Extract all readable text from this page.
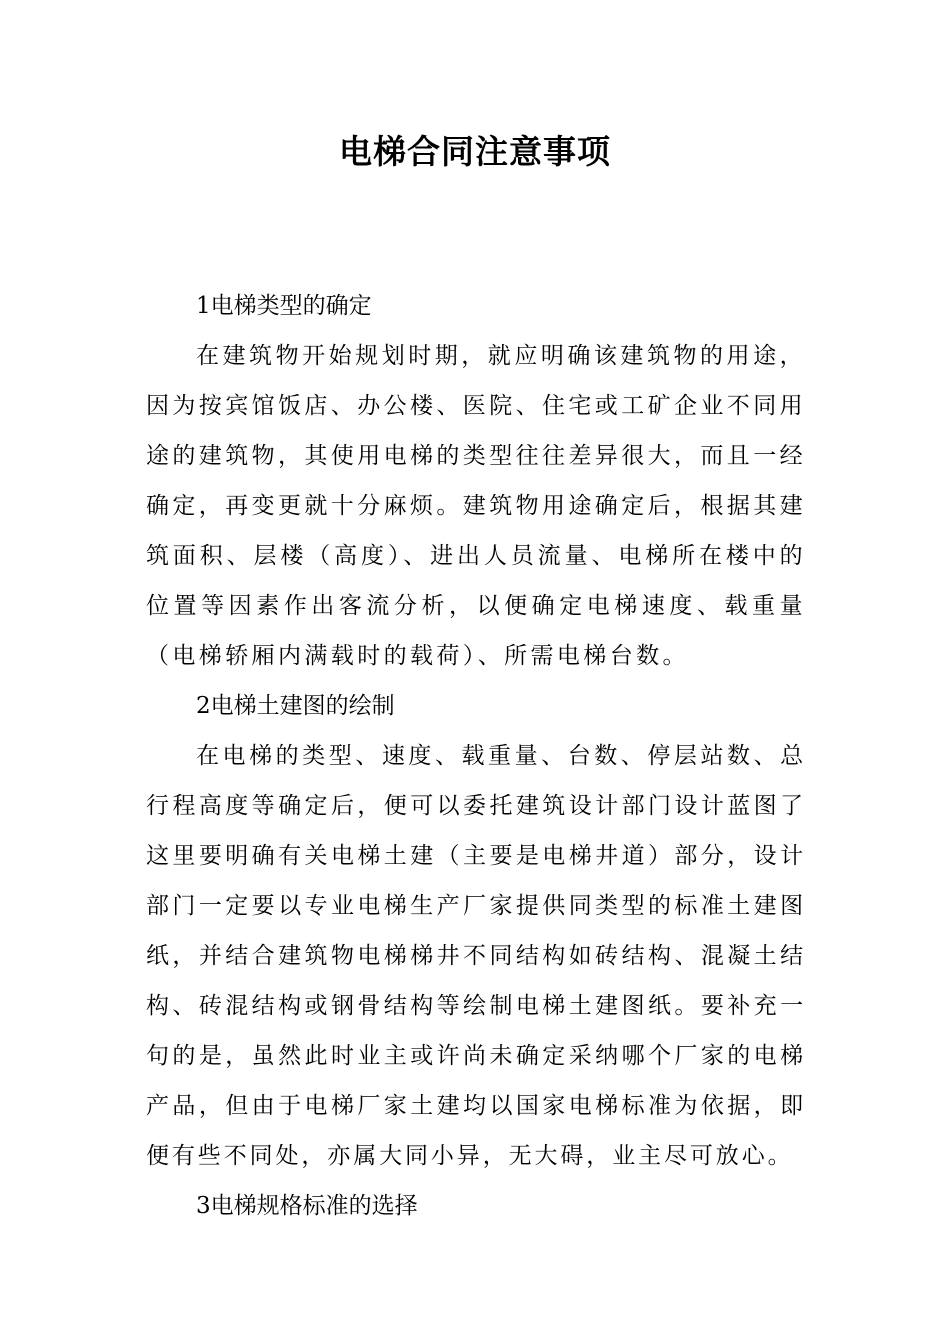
电梯合同注意事项

1电梯类型的确定

在建筑物开始规划时期，就应明确该建筑物的用途，因为按宾馆饭店、办公楼、医院、住宅或工矿企业不同用途的建筑物，其使用电梯的类型往往差异很大，而且一经确定，再变更就十分麻烦。建筑物用途确定后，根据其建筑面积、层楼（高度）、进出人员流量、电梯所在楼中的位置等因素作出客流分析，以便确定电梯速度、载重量（电梯轿厢内满载时的载荷）、所需电梯台数。

2电梯土建图的绘制

在电梯的类型、速度、载重量、台数、停层站数、总行程高度等确定后，便可以委托建筑设计部门设计蓝图了这里要明确有关电梯土建（主要是电梯井道）部分，设计部门一定要以专业电梯生产厂家提供同类型的标准土建图纸，并结合建筑物电梯梯井不同结构如砖结构、混凝土结构、砖混结构或钢骨结构等绘制电梯土建图纸。要补充一句的是，虽然此时业主或许尚未确定采纳哪个厂家的电梯产品，但由于电梯厂家土建均以国家电梯标准为依据，即便有些不同处，亦属大同小异，无大碍，业主尽可放心。

3电梯规格标准的选择
